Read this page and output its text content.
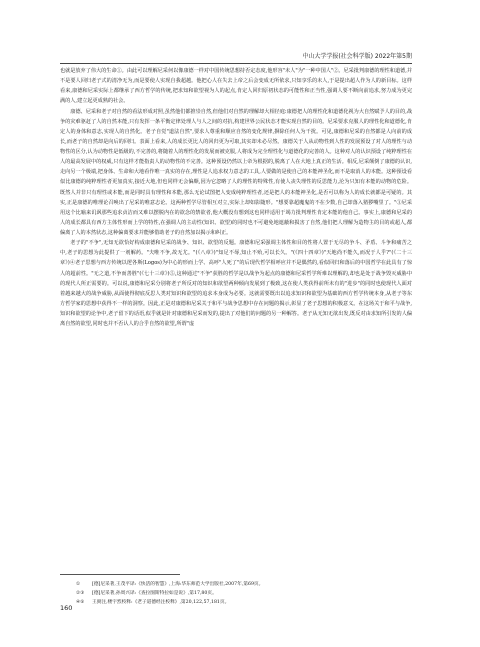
中山大学学报(社会科学版) 2022年第5期

也就是放弃了伟大的生命①。由此可以理解尼采何以像康德一样对中国传统思想持否定态度,他形容"未人"为"一种中国人"②。尼采批判康德的理性和道德,并不是要人回归老子式的清净无为,而是要使人实现自我超越。他把心人在失去上帝之后会变成无所依求,只知享乐的未人,于是提出超人作为人的新目标。这样看来,康德和尼采实际上都继承了西方哲学的传统,把求知和欲望视为人的起点,肯定人回归原初状态的可能性和正当性,强调人要不断向前追求,努力成为更完满的人,建立起更成熟的社会。

康德、尼采和老子对自然的看法形成对照,虽然他们都推崇自然,但他们对自然的理解却大相径庭:康德把人的理性化和道德化视为大自然赋予人的目的,战争的灾难驱赶了人的自然本能,只有发挥一条平衡定律处理人与人之间的对抗,构建世界公民状态才能实现自然的目的。尼采要求克服人的理性化和道德化,肯定人的身体和意志,实现人的自然化。老子自觉"道法自然",要求人尊重和顺应自然的变化规律,摒除任何人为干扰。可见,康德和尼采的自然都是人向前的成长,而老子的自然却是向后的回归。表面上看来,人的成长更比人的回归更为可取,其实却未必尽然。康德关于人从动物性到人性的发展预设了对人的理性与动物性的区分,认为动物性是低级的,不完善的,将随着人的理性化的发展而被克服,人将成为完全理性化与道德化的完善的人。这种对人的认识预设了纯粹理性在人的最高发展中的权威,只有这样才能指责人的动物性的不完善。这种预设仍然以上帝为根据的,脱离了人在大地上真正的生活。相反,尼采颠倒了康德的认识,走向另一个极端,把身体、生命和大地看作唯一真实的存在,理性是人追求权力意志的工具,人要做的是使自己的本能神圣化,而不是取消人的本能。这种预设看似比康德的纯粹理性者更加真实,接近大地,但也同样无会偏颇,因为它忽略了人的理性的特殊性,有使人丧失理性的反思能力,沦为只知有本能的动物的危险。既然人并非只有理性或本能,而是同时具有理性和本能,那么无论试图把人变成纯粹理性者,还是把人的本能神圣化,是否可以称为人的成长就都是可疑的。其实,正是康德的唯理论召唤出了尼采的唯意志论。这两种哲学尽管相互对立,实际上却如影随形。"想要靠超魔鬼的不在少数,自己却落入猪猡嘴里了。"③尼采用这个比喻来讥讽那些追求贞洁而又难以摆脱内在的欲念的禁欲者,他大概没有想到这也同样适用于竭力批判理性肯定本能的他自己。事实上,康德和尼采的人的成长都具有西方主体性形而上学的特性,在强调人的主动性(知识、欲望)的同时也不可避免地遮蔽和损害了自然,他们把人理解为造物主的目的或超人,都偏离了人的本然状态,这种偏离要求并能够借助老子的自然加以揭示和纠正。

老子的"不争",无知无欲恰好构成康德和尼采的战争、知识、欲望的反题。康德和尼采强调主体性和目的性将人置于无尽的争斗、矛盾、斗争和痛苦之中,老子的思想为此提供了一剂解药。"夫唯不争,故无尤。"(《八章》)"知足不辱,知止不殆,可以长久。"(《四十四章》)"天地尚不能久,而况于人乎?"(《二十三章》)④老子思想与西方传统以逻各斯(Logos)为中心的形而上学、高呼"人死了"的后现代哲学相呼应并不是偶然的,看似回归和落后的中国哲学在此具有了惊人的超前性。"无之道,不争而善胜"(《七十三章》)⑤,这种通过"不争"获胜的哲学是以战争为起点的康德和尼采哲学所难以理解的,却也是处于战争毁灭威胁中的现代人所正需要的。可以说,康德和尼采分别将老子所反对的知识和欲望两种倾向发展到了极致,这在使人类获得前所未有的"进步"的同时也使现代人面对着越来越大的战争威胁,从面使得彻底反思人类对知识和欲望的追求本身成为必要。这就需要既出以追求知识和欲望为基础的西方哲学传统本身,从老子等东方哲学家的思想中获得不一样的洞察。因此,正是对康德和尼采关于和平与战争思想中存在问题的揭示,彰显了老子思想的积极意义。在这场关于和平与战争,知识和欲望的论争中,老子留下的话语,似乎就是针对康德和尼采而发的,提出了对他们的问题的另一种解答。老子从无知无欲出发,既反对由求知所引发的人偏离自然的欲望,同时也并不否认人的合乎自然的欲望,所谓"虚

①	[德]尼采著,王茂平译:《快活的智慧》,上海:华东师范大学出版社,2007年,第69页。
②③	[德]尼采著,孙周兴译:《查拉图斯特拉如是说》,第17,80页。
④⑤	王弼注,楼宇烈校释:《老子道德经注校释》,第20,122,57,181页。
160
